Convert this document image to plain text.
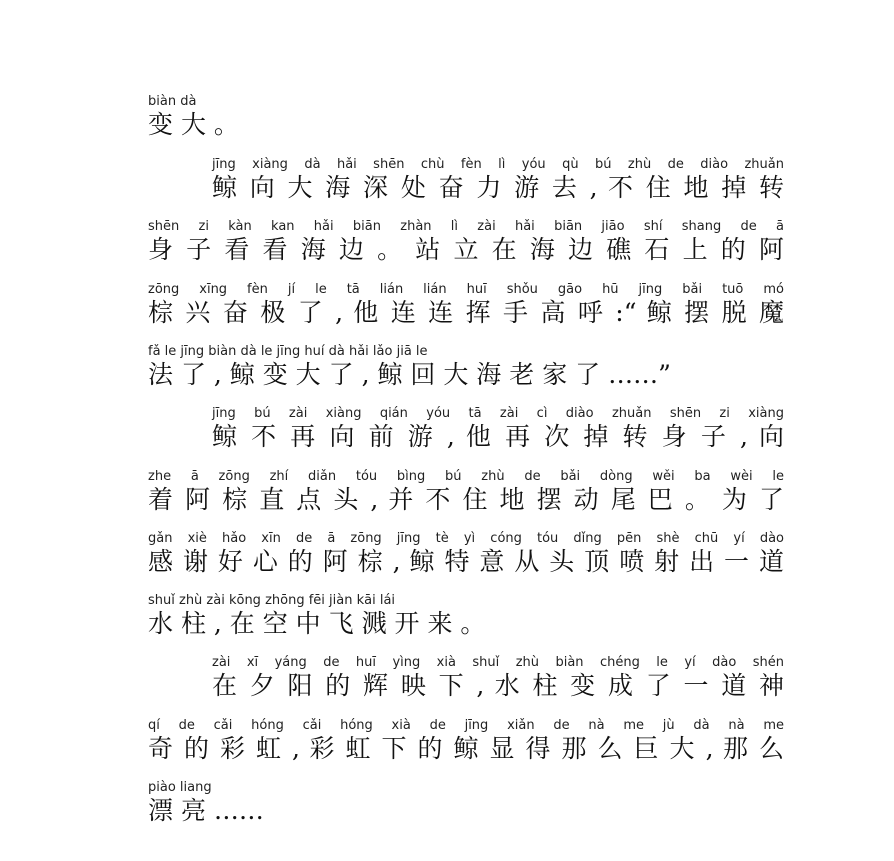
biàn dà
变 大 。
jīng xiàng dà hǎi shēn chù fèn lì yóu qù bú zhù de diào zhuǎn
鲸 向 大 海 深 处 奋 力 游 去 , 不 住 地 掉 转
shēn zi kàn kan hǎi biān zhàn lì zài hǎi biān jiāo shí shang de ā
身 子 看 看 海 边 。 站 立 在 海 边 礁 石 上 的 阿
zōng xīng fèn jí le tā lián lián huī shǒu gāo hū jīng bǎi tuō mó
棕 兴 奋 极 了 , 他 连 连 挥 手 高 呼 :“ 鲸 摆 脱 魔
fǎ le jīng biàn dà le jīng huí dà hǎi lǎo jiā le
法 了 , 鲸 变 大 了 , 鲸 回 大 海 老 家 了 ……”
jīng bú zài xiàng qián yóu tā zài cì diào zhuǎn shēn zi xiàng
鲸 不 再 向 前 游 , 他 再 次 掉 转 身 子 , 向
zhe ā zōng zhí diǎn tóu bìng bú zhù de bǎi dòng wěi ba wèi le
着 阿 棕 直 点 头 , 并 不 住 地 摆 动 尾 巴 。 为 了
gǎn xiè hǎo xīn de ā zōng jīng tè yì cóng tóu dǐng pēn shè chū yí dào
感 谢 好 心 的 阿 棕 , 鲸 特 意 从 头 顶 喷 射 出 一 道
shuǐ zhù zài kōng zhōng fēi jiàn kāi lái
水 柱 , 在 空 中 飞 溅 开 来 。
zài xī yáng de huī yìng xià shuǐ zhù biàn chéng le yí dào shén
在 夕 阳 的 辉 映 下 , 水 柱 变 成 了 一 道 神
qí de cǎi hóng cǎi hóng xià de jīng xiǎn de nà me jù dà nà me
奇 的 彩 虹 , 彩 虹 下 的 鲸 显 得 那 么 巨 大 , 那 么
piào liang
漂 亮 ……
